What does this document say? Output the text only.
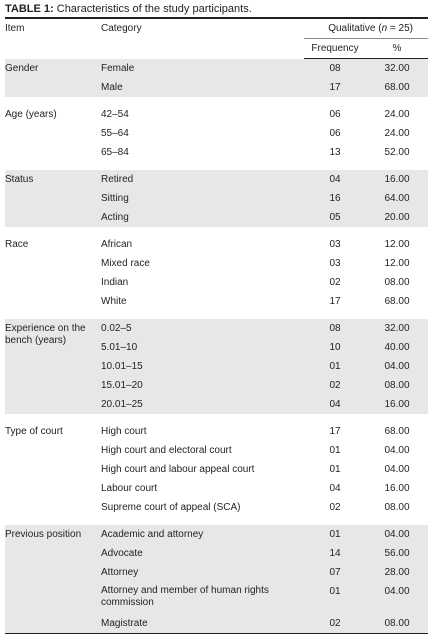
TABLE 1: Characteristics of the study participants.
Item	Category	Qualitative (n = 25)	
		Frequency	%
Gender	Female	08	32.00
	Male	17	68.00

Age (years)	42–54	06	24.00
	55–64	06	24.00
	65–84	13	52.00

Status	Retired	04	16.00
	Sitting	16	64.00
	Acting	05	20.00

Race	African	03	12.00
	Mixed race	03	12.00
	Indian	02	08.00
	White	17	68.00

Experience on the bench (years)	0.02–5	08	32.00
	5.01–10	10	40.00
	10.01–15	01	04.00
	15.01–20	02	08.00
	20.01–25	04	16.00

Type of court	High court	17	68.00
	High court and electoral court	01	04.00
	High court and labour appeal court	01	04.00
	Labour court	04	16.00
	Supreme court of appeal (SCA)	02	08.00

Previous position	Academic and attorney	01	04.00
	Advocate	14	56.00
	Attorney	07	28.00
	Attorney and member of human rights commission	01	04.00
	Magistrate	02	08.00
